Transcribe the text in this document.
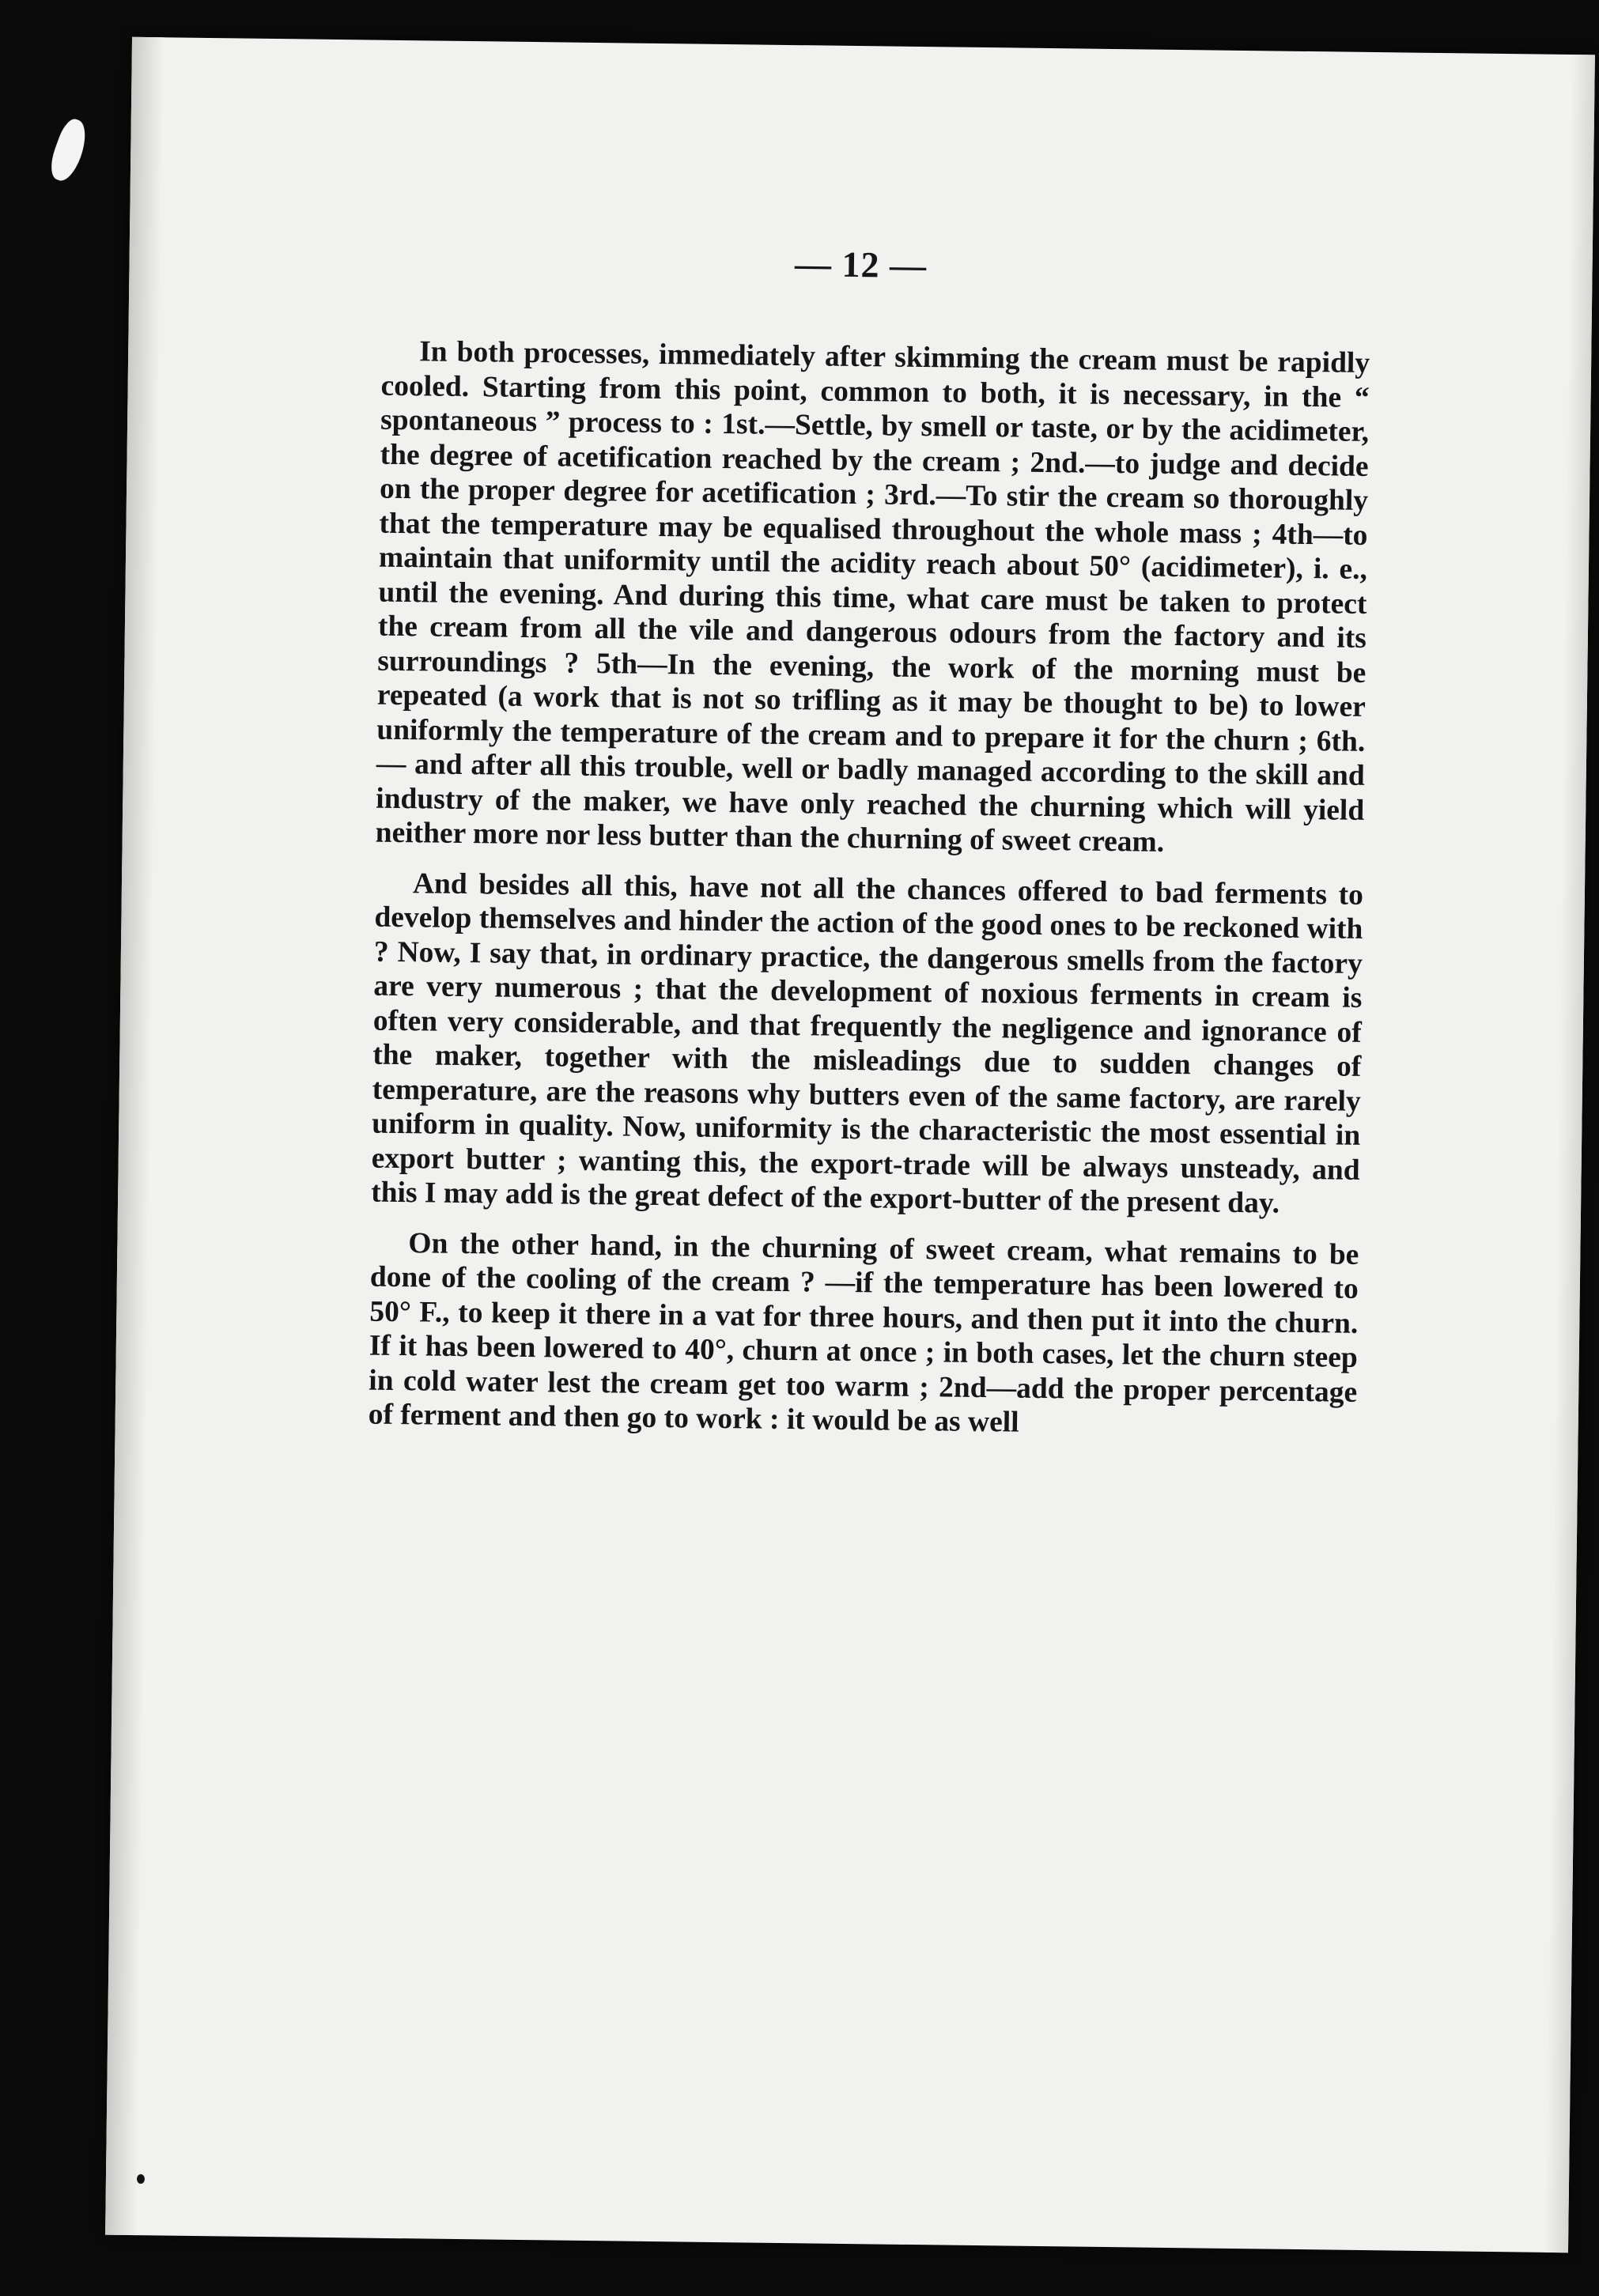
— 12 —

In both processes, immediately after skimming the cream must be rapidly cooled. Starting from this point, common to both, it is necessary, in the “ spontaneous ” process to : 1st.—Settle, by smell or taste, or by the acidimeter, the degree of acetification reached by the cream ; 2nd.—to judge and decide on the proper degree for acetification ; 3rd.—To stir the cream so thoroughly that the temperature may be equalised throughout the whole mass ; 4th—to maintain that uniformity until the acidity reach about 50° (acidimeter), i. e., until the evening. And during this time, what care must be taken to protect the cream from all the vile and dangerous odours from the factory and its surroundings ? 5th—In the evening, the work of the morning must be repeated (a work that is not so trifling as it may be thought to be) to lower uniformly the temperature of the cream and to prepare it for the churn ; 6th.— and after all this trouble, well or badly managed according to the skill and industry of the maker, we have only reached the churning which will yield neither more nor less butter than the churning of sweet cream.

And besides all this, have not all the chances offered to bad ferments to develop themselves and hinder the action of the good ones to be reckoned with ? Now, I say that, in ordinary practice, the dangerous smells from the factory are very numerous ; that the development of noxious ferments in cream is often very considerable, and that frequently the negligence and ignorance of the maker, together with the misleadings due to sudden changes of temperature, are the reasons why butters even of the same factory, are rarely uniform in quality. Now, uniformity is the characteristic the most essential in export butter ; wanting this, the export-trade will be always unsteady, and this I may add is the great defect of the export-butter of the present day.

On the other hand, in the churning of sweet cream, what remains to be done of the cooling of the cream ? —if the temperature has been lowered to 50° F., to keep it there in a vat for three hours, and then put it into the churn. If it has been lowered to 40°, churn at once ; in both cases, let the churn steep in cold water lest the cream get too warm ; 2nd—add the proper percentage of ferment and then go to work : it would be as well
